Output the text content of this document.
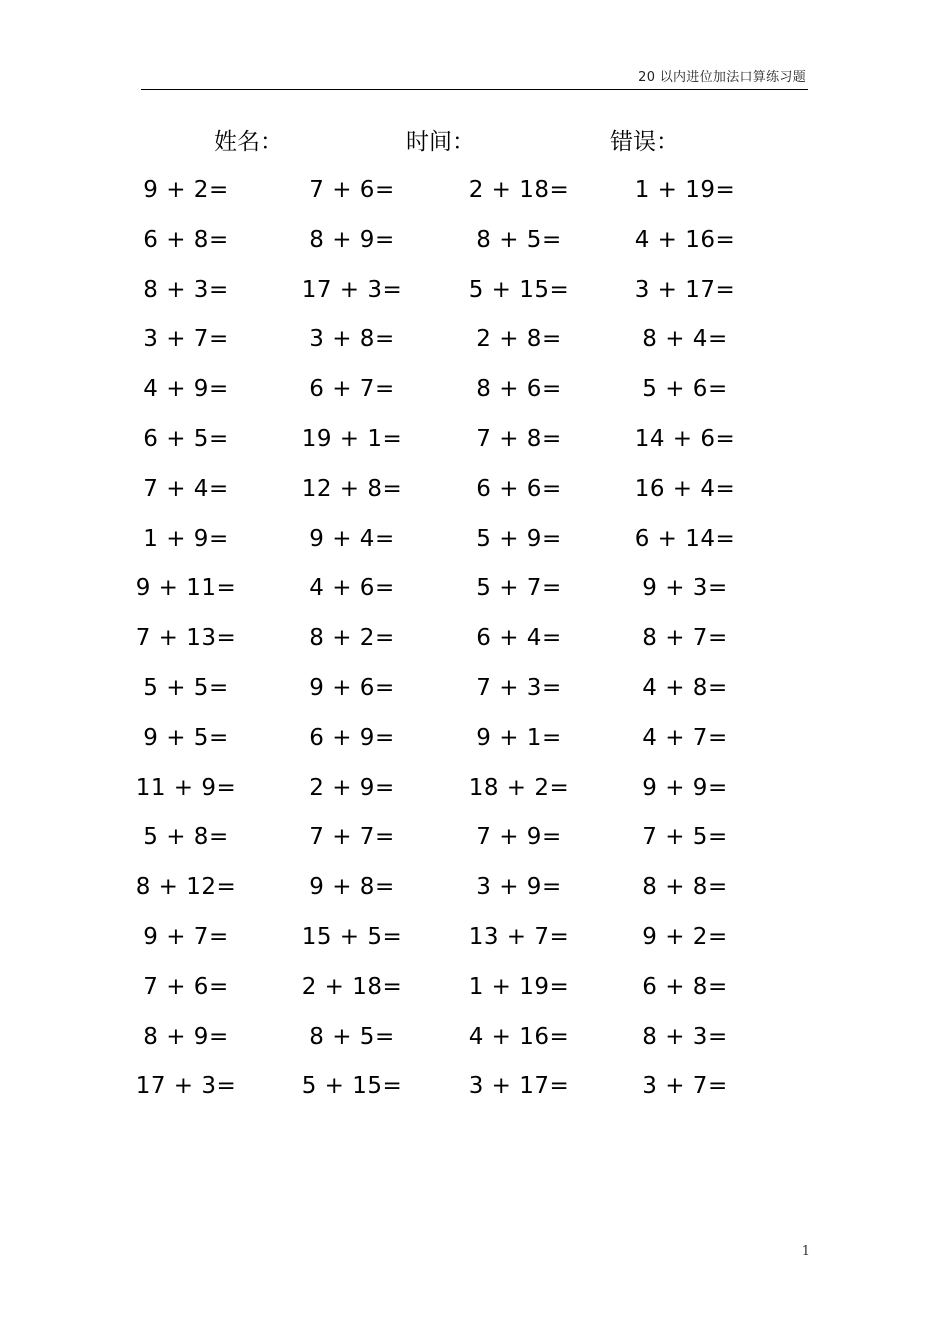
20 以内进位加法口算练习题
姓名：	时间：	错误：
9 + 2=	7 + 6=	2 + 18=	1 + 19=
6 + 8=	8 + 9=	8 + 5=	4 + 16=
8 + 3=	17 + 3=	5 + 15=	3 + 17=
3 + 7=	3 + 8=	2 + 8=	8 + 4=
4 + 9=	6 + 7=	8 + 6=	5 + 6=
6 + 5=	19 + 1=	7 + 8=	14 + 6=
7 + 4=	12 + 8=	6 + 6=	16 + 4=
1 + 9=	9 + 4=	5 + 9=	6 + 14=
9 + 11=	4 + 6=	5 + 7=	9 + 3=
7 + 13=	8 + 2=	6 + 4=	8 + 7=
5 + 5=	9 + 6=	7 + 3=	4 + 8=
9 + 5=	6 + 9=	9 + 1=	4 + 7=
11 + 9=	2 + 9=	18 + 2=	9 + 9=
5 + 8=	7 + 7=	7 + 9=	7 + 5=
8 + 12=	9 + 8=	3 + 9=	8 + 8=
9 + 7=	15 + 5=	13 + 7=	9 + 2=
7 + 6=	2 + 18=	1 + 19=	6 + 8=
8 + 9=	8 + 5=	4 + 16=	8 + 3=
17 + 3=	5 + 15=	3 + 17=	3 + 7=
1
